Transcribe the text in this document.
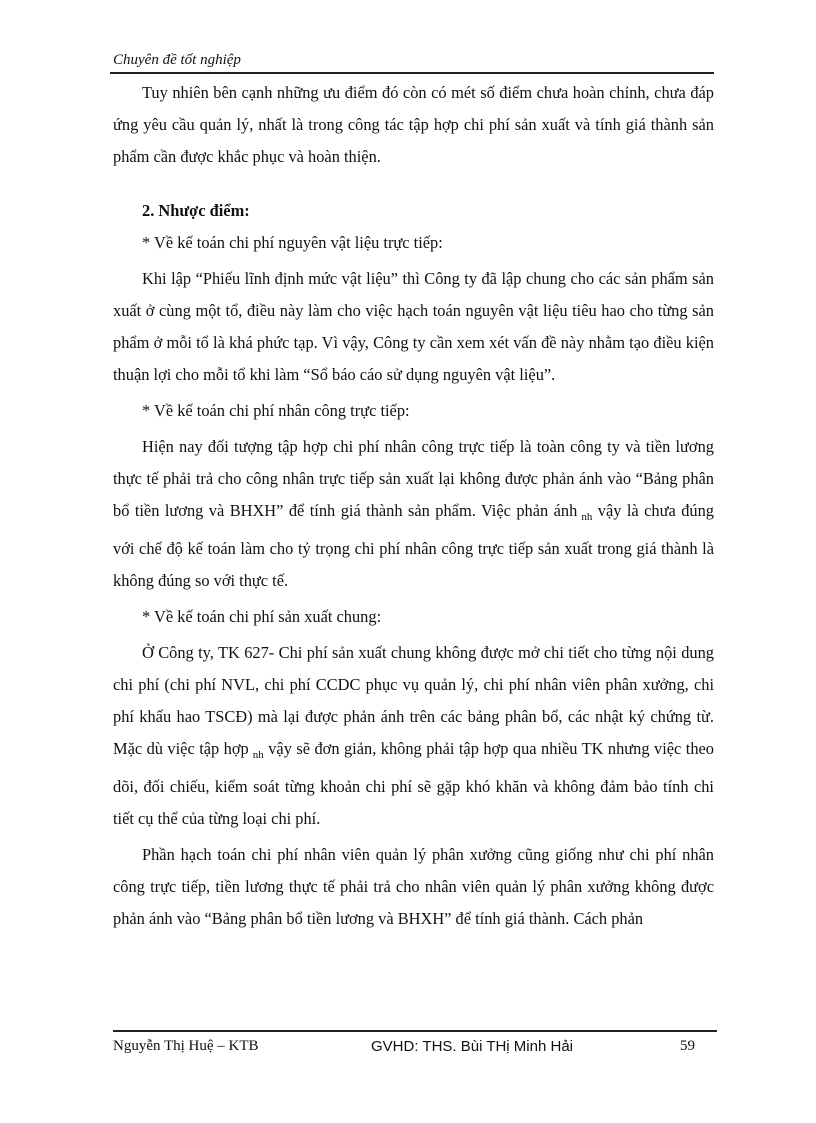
Chuyên đề tốt nghiệp

Tuy nhiên bên cạnh những ưu điểm đó còn có mét số điểm chưa hoàn chỉnh, chưa đáp ứng yêu cầu quản lý, nhất là trong công tác tập hợp chi phí sản xuất và tính giá thành sản phẩm cần được khắc phục và hoàn thiện.

2. Nhược điểm:

* Về kế toán chi phí nguyên vật liệu trực tiếp:

Khi lập “Phiếu lĩnh định mức vật liệu” thì Công ty đã lập chung cho các sản phẩm sản xuất ở cùng một tổ, điều này làm cho việc hạch toán nguyên vật liệu tiêu hao cho từng sản phẩm ở mỗi tổ là khá phức tạp. Vì vậy, Công ty cần xem xét vấn đề này nhằm tạo điều kiện thuận lợi cho mỗi tổ khi làm “Sổ báo cáo sử dụng nguyên vật liệu”.

* Về kế toán chi phí nhân công trực tiếp:

Hiện nay đối tượng tập hợp chi phí nhân công trực tiếp là toàn công ty và tiền lương thực tế phải trả cho công nhân trực tiếp sản xuất lại không được phản ánh vào “Bảng phân bổ tiền lương và BHXH” để tính giá thành sản phẩm. Việc phản ánh $_{nh}$ vậy là chưa đúng với chế độ kế toán làm cho tỷ trọng chi phí nhân công trực tiếp sản xuất trong giá thành là không đúng so với thực tế.

* Về kế toán chi phí sản xuất chung:

Ở Công ty, TK 627- Chi phí sản xuất chung không được mở chi tiết cho từng nội dung chi phí (chi phí NVL, chi phí CCDC phục vụ quản lý, chi phí nhân viên phân xưởng, chi phí khấu hao TSCĐ) mà lại được phản ánh trên các bảng phân bổ, các nhật ký chứng từ. Mặc dù việc tập hợp $_{nh}$ vậy sẽ đơn giản, không phải tập hợp qua nhiều TK nhưng việc theo dõi, đối chiếu, kiểm soát từng khoản chi phí sẽ gặp khó khăn và không đảm bảo tính chi tiết cụ thể của từng loại chi phí.

Phần hạch toán chi phí nhân viên quản lý phân xưởng cũng giống như chi phí nhân công trực tiếp, tiền lương thực tế phải trả cho nhân viên quản lý phân xưởng không được phản ánh vào “Bảng phân bổ tiền lương và BHXH” để tính giá thành. Cách phản

Nguyễn Thị Huệ – KTB	GVHD: THS. Bùi THị Minh Hải	59
